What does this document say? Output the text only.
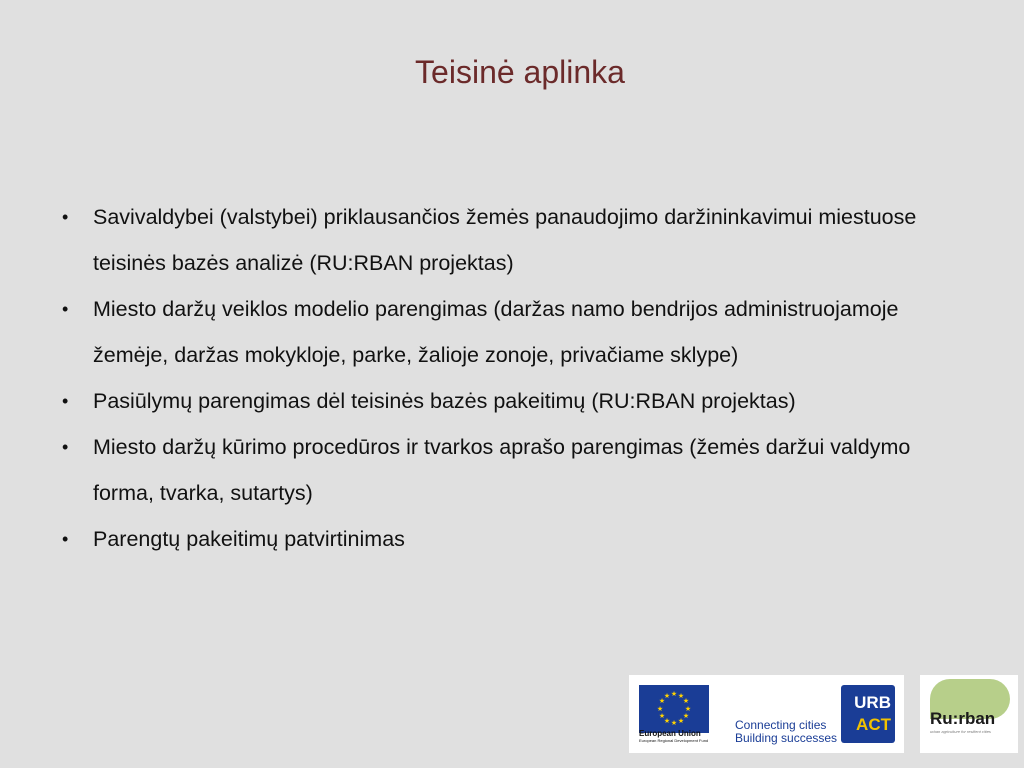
Teisinė aplinka
• Savivaldybei (valstybei) priklausančios žemės panaudojimo daržininkavimui miestuose teisinės bazės analizė (RU:RBAN projektas)
• Miesto daržų veiklos modelio parengimas (daržas namo bendrijos administruojamoje žemėje, daržas mokykloje, parke, žalioje zonoje, privačiame sklype)
• Pasiūlymų parengimas dėl teisinės bazės pakeitimų (RU:RBAN projektas)
• Miesto daržų kūrimo procedūros ir tvarkos aprašo parengimas (žemės daržui valdymo forma, tvarka, sutartys)
• Parengtų pakeitimų patvirtinimas
★ ★
★
★
★
★
★
★
★
★
★
★
European Union
European Regional Development Fund
Connecting cities
Building successes
URB
ACT Ru:rban
urban agriculture for resilient cities
